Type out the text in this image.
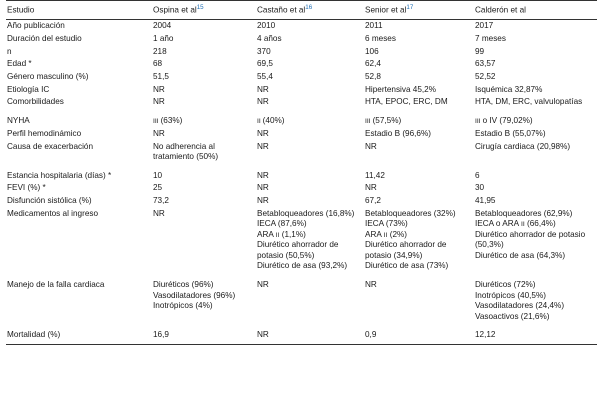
Estudio	Ospina et $al^{15}$	Castaño et $al^{16}$	Senior et $al^{17}$	Calderón et al

Año publicación	2004	2010	2011	2017

Duración del estudio	1 año	4 años	6 meses	7 meses

n	218	370	106	99

Edad *	68	69,5	62,4	63,57

Género masculino (%)	51,5	55,4	52,8	52,52

Etiología IC	NR	NR	Hipertensiva 45,2%	Isquémica 32,87%

Comorbilidades	NR	NR	HTA, EPOC, ERC, DM	HTA, DM, ERC, valvulopatías

NYHA	III (63%)	II (40%)	III (57,5%)	III o IV (79,02%)

Perfil hemodinámico	NR	NR	Estadio B (96,6%)	Estadio B (55,07%)

Causa de exacerbación	No adherencia al tratamiento (50%)	NR	NR	Cirugía cardiaca (20,98%)

Estancia hospitalaria (días) *	10	NR	11,42	6

FEVI (%) *	25	NR	NR	30

Disfunción sistólica (%)	73,2	NR	67,2	41,95

Medicamentos al ingreso	NR	Betabloqueadores (16,8%)
IECA (87,6%)
ARA II (1,1%)
Diurético ahorrador de potasio (50,5%)
Diurético de asa (93,2%)	Betabloqueadores (32%)
IECA (73%)
ARA II (2%)
Diurético ahorrador de potasio (34,9%)
Diurético de asa (73%)	Betabloqueadores (62,9%)
IECA o ARA II (66,4%)
Diurético ahorrador de potasio (50,3%)
Diurético de asa (64,3%)

Manejo de la falla cardiaca	Diuréticos (96%)
Vasodilatadores (96%)
Inotrópicos (4%)	NR	NR	Diuréticos (72%)
Inotrópicos (40,5%)
Vasodilatadores (24,4%)
Vasoactivos (21,6%)

Mortalidad (%)	16,9	NR	0,9	12,12
